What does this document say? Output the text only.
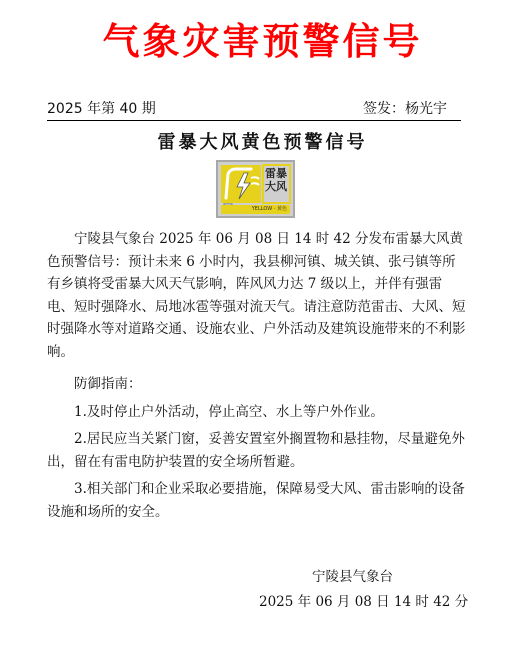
气象灾害预警信号
2025 年第 40 期	签发：杨光宇
雷暴大风黄色预警信号
雷暴大风
YELLOW · 黄色

宁陵县气象台 2025 年 06 月 08 日 14 时 42 分发布雷暴大风黄色预警信号：预计未来 6 小时内，我县柳河镇、城关镇、张弓镇等所有乡镇将受雷暴大风天气影响，阵风风力达 7 级以上，并伴有强雷电、短时强降水、局地冰雹等强对流天气。请注意防范雷击、大风、短时强降水等对道路交通、设施农业、户外活动及建筑设施带来的不利影响。

防御指南：

1.及时停止户外活动，停止高空、水上等户外作业。

2.居民应当关紧门窗，妥善安置室外搁置物和悬挂物，尽量避免外出，留在有雷电防护装置的安全场所暂避。

3.相关部门和企业采取必要措施，保障易受大风、雷击影响的设备设施和场所的安全。

宁陵县气象台
2025 年 06 月 08 日 14 时 42 分
